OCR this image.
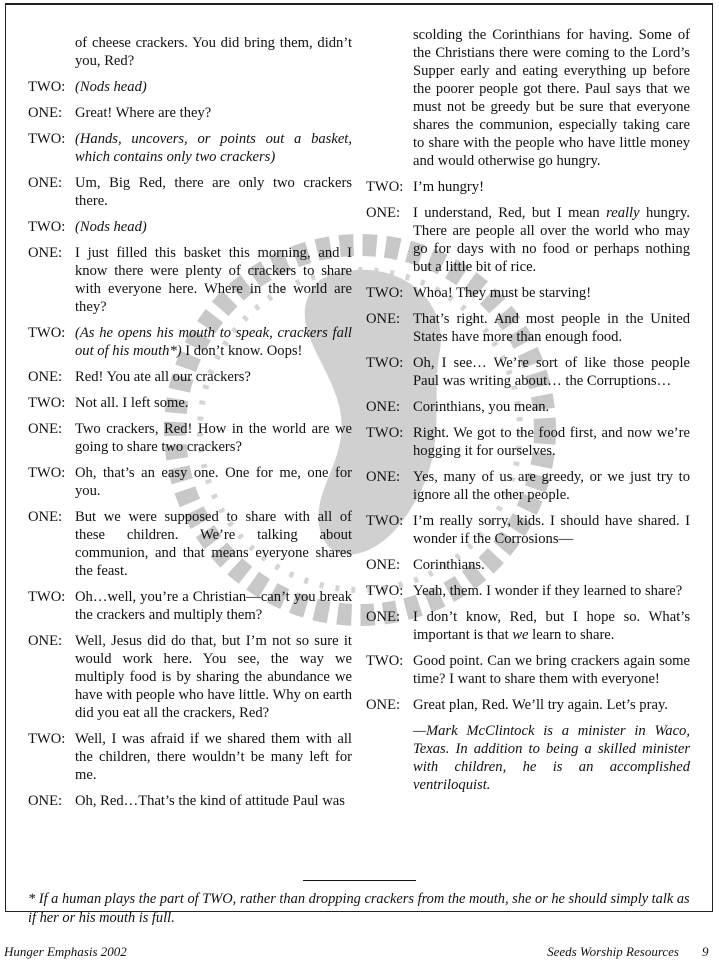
of cheese crackers. You did bring them, didn’t you, Red?
TWO: (Nods head)
ONE: Great! Where are they?
TWO: (Hands, uncovers, or points out a basket, which contains only two crackers)
ONE: Um, Big Red, there are only two crackers there.
TWO: (Nods head)
ONE: I just filled this basket this morning, and I know there were plenty of crackers to share with everyone here. Where in the world are they?
TWO: (As he opens his mouth to speak, crackers fall out of his mouth*) I don’t know. Oops!
ONE: Red! You ate all our crackers?
TWO: Not all. I left some.
ONE: Two crackers, Red! How in the world are we going to share two crackers?
TWO: Oh, that’s an easy one. One for me, one for you.
ONE: But we were supposed to share with all of these children. We’re talking about communion, and that means everyone shares the feast.
TWO: Oh…well, you’re a Christian—can’t you break the crackers and multiply them?
ONE: Well, Jesus did do that, but I’m not so sure it would work here. You see, the way we multiply food is by sharing the abundance we have with people who have little. Why on earth did you eat all the crackers, Red?
TWO: Well, I was afraid if we shared them with all the children, there wouldn’t be many left for me.
ONE: Oh, Red…That’s the kind of attitude Paul was
scolding the Corinthians for having. Some of the Christians there were coming to the Lord’s Supper early and eating everything up before the poorer people got there. Paul says that we must not be greedy but be sure that everyone shares the communion, especially taking care to share with the people who have little money and would otherwise go hungry.
TWO: I’m hungry!
ONE: I understand, Red, but I mean really hungry. There are people all over the world who may go for days with no food or perhaps nothing but a little bit of rice.
TWO: Whoa! They must be starving!
ONE: That’s right. And most people in the United States have more than enough food.
TWO: Oh, I see… We’re sort of like those people Paul was writing about… the Corruptions…
ONE: Corinthians, you mean.
TWO: Right. We got to the food first, and now we’re hogging it for ourselves.
ONE: Yes, many of us are greedy, or we just try to ignore all the other people.
TWO: I’m really sorry, kids. I should have shared. I wonder if the Corrosions—
ONE: Corinthians.
TWO: Yeah, them. I wonder if they learned to share?
ONE: I don’t know, Red, but I hope so. What’s important is that we learn to share.
TWO: Good point. Can we bring crackers again some time? I want to share them with everyone!
ONE: Great plan, Red. We’ll try again. Let’s pray.
—Mark McClintock is a minister in Waco, Texas. In addition to being a skilled minister with children, he is an accomplished ventriloquist.
* If a human plays the part of TWO, rather than dropping crackers from the mouth, she or he should simply talk as if her or his mouth is full.
Hunger Emphasis 2002	Seeds Worship Resources 9
